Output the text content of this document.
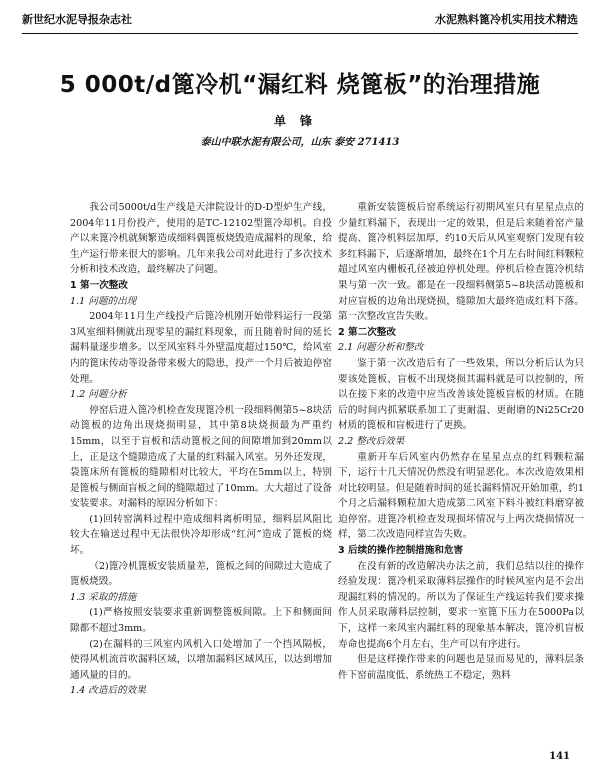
新世纪水泥导报杂志社	水泥熟料篦冷机实用技术精选
5 000t/d篦冷机“漏红料 烧篦板”的治理措施
单锋
泰山中联水泥有限公司，山东 泰安 271413
我公司5000t/d生产线是天津院设计的D-D型炉生产线，2004年11月份投产，使用的是TC-12102型篦冷却机。自投产以来篦冷机就频繁造成细料偶篦板烧毁造成漏料的现象，给生产运行带来很大的影响。几年来我公司对此进行了多次技术分析和技术改造，最终解决了问题。
1 第一次整改
1.1 问题的出现
2004年11月生产线投产后篦冷机刚开始带料运行一段第3风室细料侧就出现零星的漏红料现象，而且随着时间的延长漏料量逐步增多。以至风室料斗外壁温度超过150℃，给风室内的篦床传动等设备带来极大的隐患，投产一个月后被迫停窑处理。
1.2 问题分析
停窑后进入篦冷机检查发现篦冷机一段细料侧第5~8块活动篦板的边角出现烧损明显，其中第8块烧损最为严重约15mm，以至于盲板和活动篦板之间的间隙增加到20mm以上，正是这个缝隙造成了大量的红料漏入风室。另外还发现， 袋篦床所有篦板的缝隙相对比较大，平均在5mm以上，特别是篦板与侧面盲板之间的缝隙超过了10mm。大大超过了设备安装要求。对漏料的原因分析如下：
(1)回转窑满料过程中造成细料离析明显，细料层风阻比较大在输送过程中无法很快冷却形成“红河”造成了篦板的烧坏。
（2)篦冷机篦板安装质量差，篦板之间的间隙过大造成了篦板烧毁。
1.3 采取的措施
(1)严格按照安装要求重新调整篦板间隙。上下和侧面间隙都不超过3mm。
(2)在漏料的三风室内风机入口处增加了一个挡风隔板，使得风机流首吹漏料区域，以增加漏料区域风压，以达到增加通风量的目的。
1.4 改造后的效果
重新安装篦板后窑系统运行初期风室只有星星点点的少量红料漏下，表现出一定的效果，但是后来随着窑产量提高、篦冷机料层加厚，约10天后从风室观察门发现有较多红料漏下，后逐渐增加，最终在1个月左右时间红料颗粒超过风室内栅板孔径被迫停机处理。停机后检查篦冷机结果与第一次一致。都是在一段细料侧第5~8块活动篦板和对应盲板的边角出现烧损，缝隙加大最终造成红料下落。第一次整改宣告失败。
2 第二次整改
2.1 问题分析和整改
鉴于第一次改造后有了一些效果，所以分析后认为只要该处篦板、盲板不出现烧损其漏料就是可以控制的，所以在接下来的改造中应当改善该处篦板盲板的材质。在随后的时间内抓紧联系加工了更耐温、更耐磨的Ni25Cr20材质的篦板和盲板进行了更换。
2.2 整改后效果
重新开车后风室内仍然存在星星点点的红料颗粒漏下，运行十几天情况仍然没有明显恶化。本次改造效果相对比较明显。但是随着时间的延长漏料情况开始加重，约1个月之后漏料颗粒加大造成第二风室下料斗被红料磨穿被迫停窑。进篦冷机检查发现损坏情况与上两次烧损情况一样，第二次改造同样宣告失败。
3 后续的操作控制措施和危害
在没有新的改造解决办法之前，我们总结以往的操作经验发现：篦冷机采取薄料层操作的时候风室内是不会出现漏红料的情况的。所以为了保证生产线运转我们要求操作人员采取薄料层控制，要求一室篦下压力在5000Pa以下，这样一来风室内漏红料的现象基本解决，篦冷机盲板寿命也提高6个月左右，生产可以有序进行。
但是这样操作带来的问题也是显而易见的，薄料层条件下窑前温度低、系统热工不稳定，熟料
141
